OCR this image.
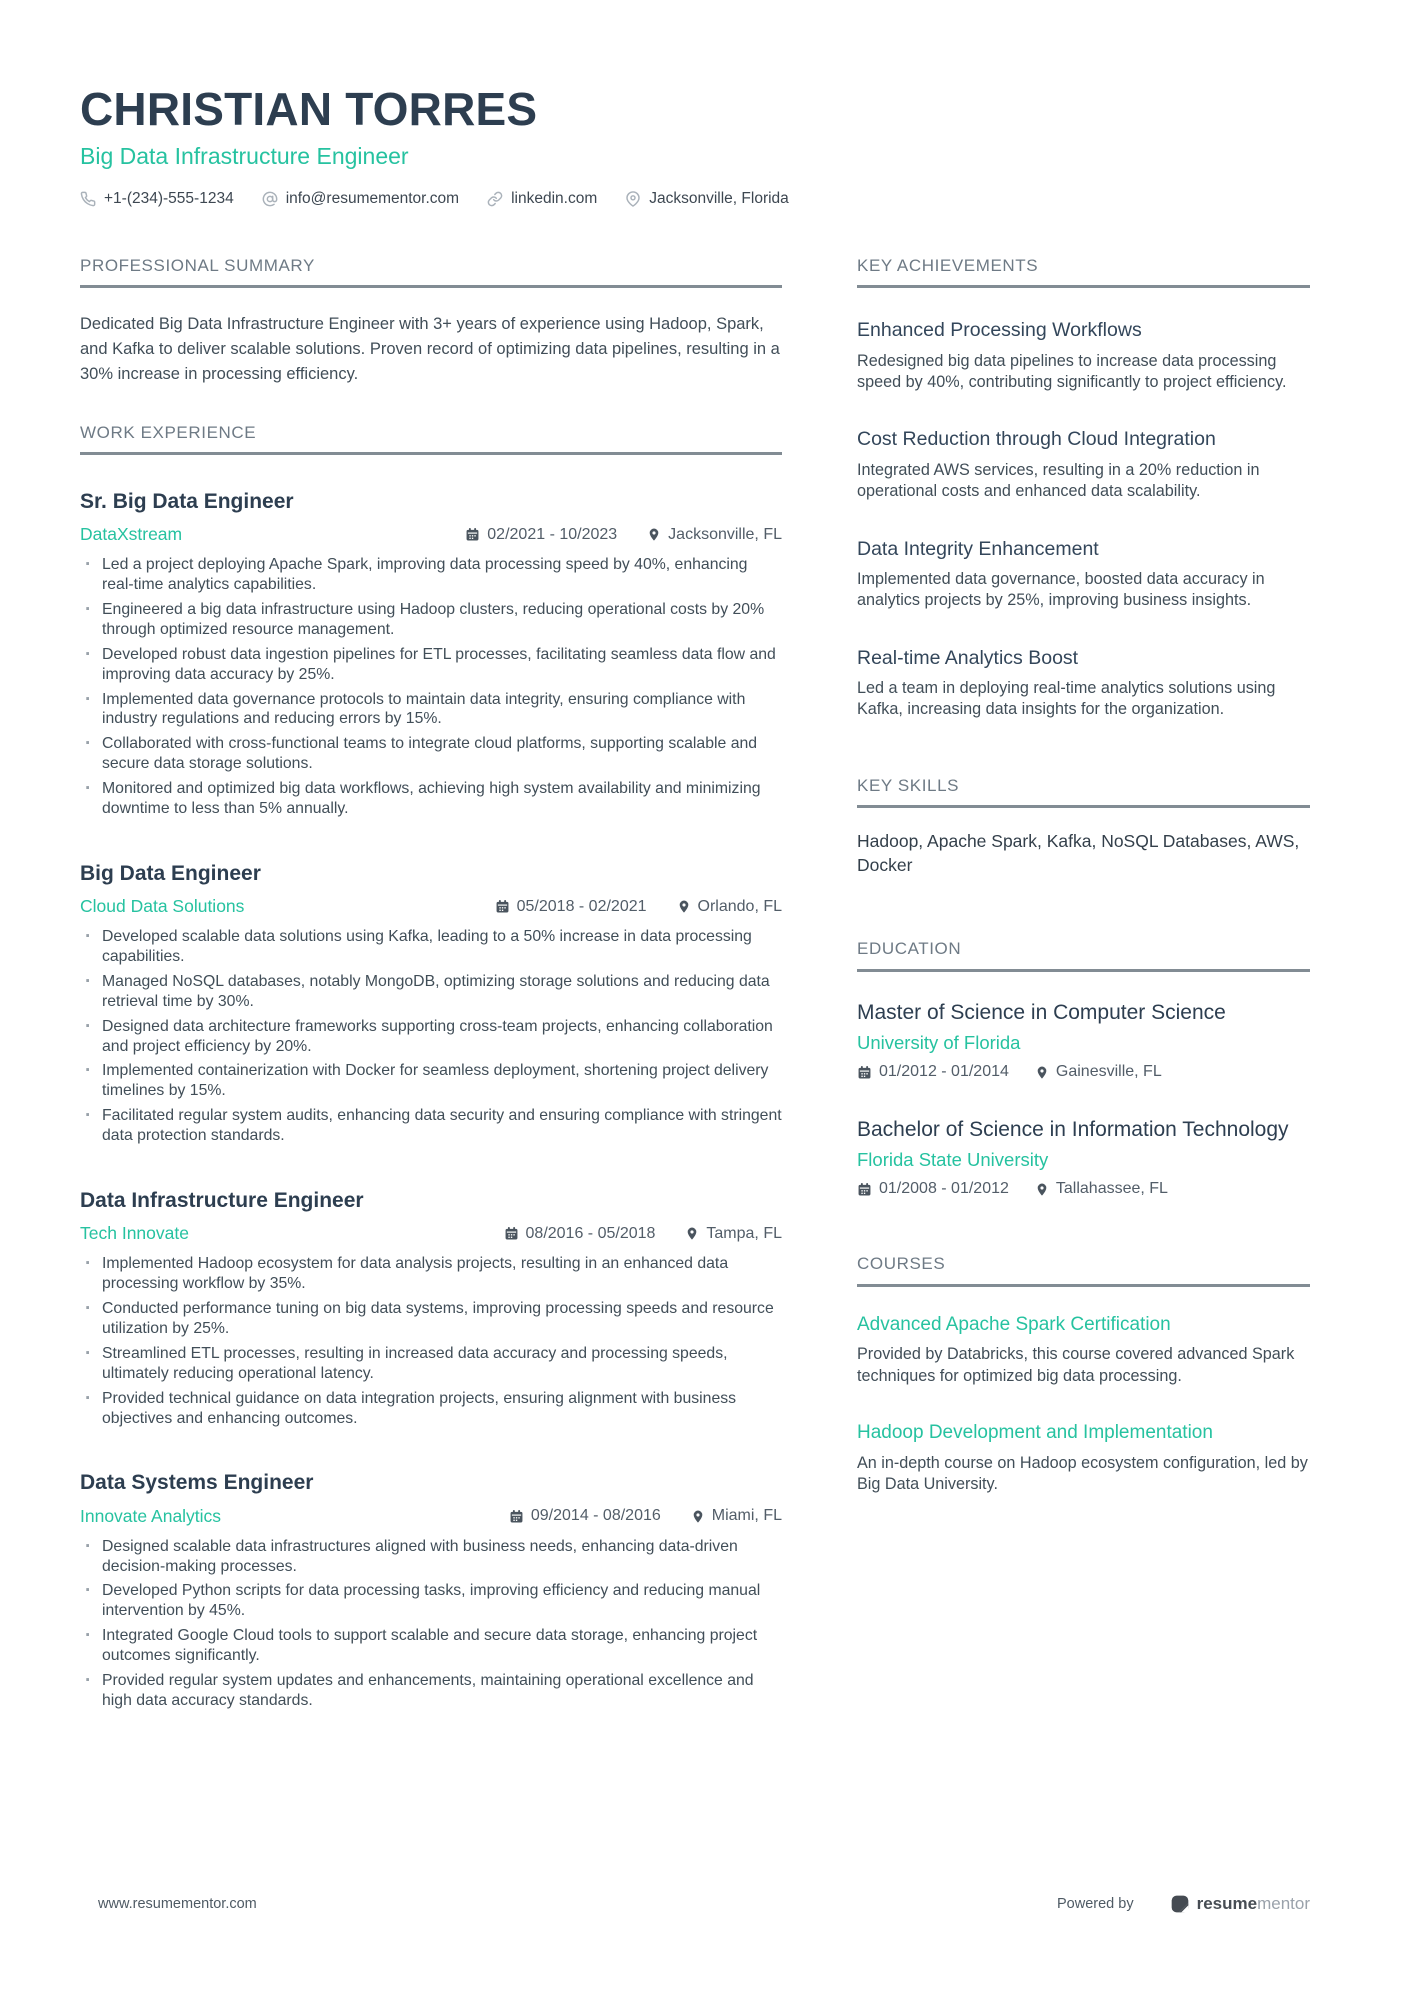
CHRISTIAN TORRES
Big Data Infrastructure Engineer
+1-(234)-555-1234	info@resumementor.com	linkedin.com	Jacksonville, Florida
PROFESSIONAL SUMMARY

Dedicated Big Data Infrastructure Engineer with 3+ years of experience using Hadoop, Spark, and Kafka to deliver scalable solutions. Proven record of optimizing data pipelines, resulting in a 30% increase in processing efficiency.

WORK EXPERIENCE
Sr. Big Data Engineer
DataXstream	02/2021 - 10/2023	Jacksonville, FL
· Led a project deploying Apache Spark, improving data processing speed by 40%, enhancing real-time analytics capabilities.
· Engineered a big data infrastructure using Hadoop clusters, reducing operational costs by 20% through optimized resource management.
· Developed robust data ingestion pipelines for ETL processes, facilitating seamless data flow and improving data accuracy by 25%.
· Implemented data governance protocols to maintain data integrity, ensuring compliance with industry regulations and reducing errors by 15%.
· Collaborated with cross-functional teams to integrate cloud platforms, supporting scalable and secure data storage solutions.
· Monitored and optimized big data workflows, achieving high system availability and minimizing downtime to less than 5% annually.
Big Data Engineer
Cloud Data Solutions	05/2018 - 02/2021	Orlando, FL
· Developed scalable data solutions using Kafka, leading to a 50% increase in data processing capabilities.
· Managed NoSQL databases, notably MongoDB, optimizing storage solutions and reducing data retrieval time by 30%.
· Designed data architecture frameworks supporting cross-team projects, enhancing collaboration and project efficiency by 20%.
· Implemented containerization with Docker for seamless deployment, shortening project delivery timelines by 15%.
· Facilitated regular system audits, enhancing data security and ensuring compliance with stringent data protection standards.
Data Infrastructure Engineer
Tech Innovate	08/2016 - 05/2018	Tampa, FL
· Implemented Hadoop ecosystem for data analysis projects, resulting in an enhanced data processing workflow by 35%.
· Conducted performance tuning on big data systems, improving processing speeds and resource utilization by 25%.
· Streamlined ETL processes, resulting in increased data accuracy and processing speeds, ultimately reducing operational latency.
· Provided technical guidance on data integration projects, ensuring alignment with business objectives and enhancing outcomes.
Data Systems Engineer
Innovate Analytics	09/2014 - 08/2016	Miami, FL
· Designed scalable data infrastructures aligned with business needs, enhancing data-driven decision-making processes.
· Developed Python scripts for data processing tasks, improving efficiency and reducing manual intervention by 45%.
· Integrated Google Cloud tools to support scalable and secure data storage, enhancing project outcomes significantly.
· Provided regular system updates and enhancements, maintaining operational excellence and high data accuracy standards.
KEY ACHIEVEMENTS
Enhanced Processing Workflows

Redesigned big data pipelines to increase data processing speed by 40%, contributing significantly to project efficiency.

Cost Reduction through Cloud Integration

Integrated AWS services, resulting in a 20% reduction in operational costs and enhanced data scalability.

Data Integrity Enhancement

Implemented data governance, boosted data accuracy in analytics projects by 25%, improving business insights.

Real-time Analytics Boost

Led a team in deploying real-time analytics solutions using Kafka, increasing data insights for the organization.

KEY SKILLS

Hadoop, Apache Spark, Kafka, NoSQL Databases, AWS, Docker

EDUCATION
Master of Science in Computer Science
University of Florida
01/2012 - 01/2014	Gainesville, FL
Bachelor of Science in Information Technology
Florida State University
01/2008 - 01/2012	Tallahassee, FL
COURSES
Advanced Apache Spark Certification

Provided by Databricks, this course covered advanced Spark techniques for optimized big data processing.

Hadoop Development and Implementation

An in-depth course on Hadoop ecosystem configuration, led by Big Data University.

www.resumementor.com	Powered by	resumementor
